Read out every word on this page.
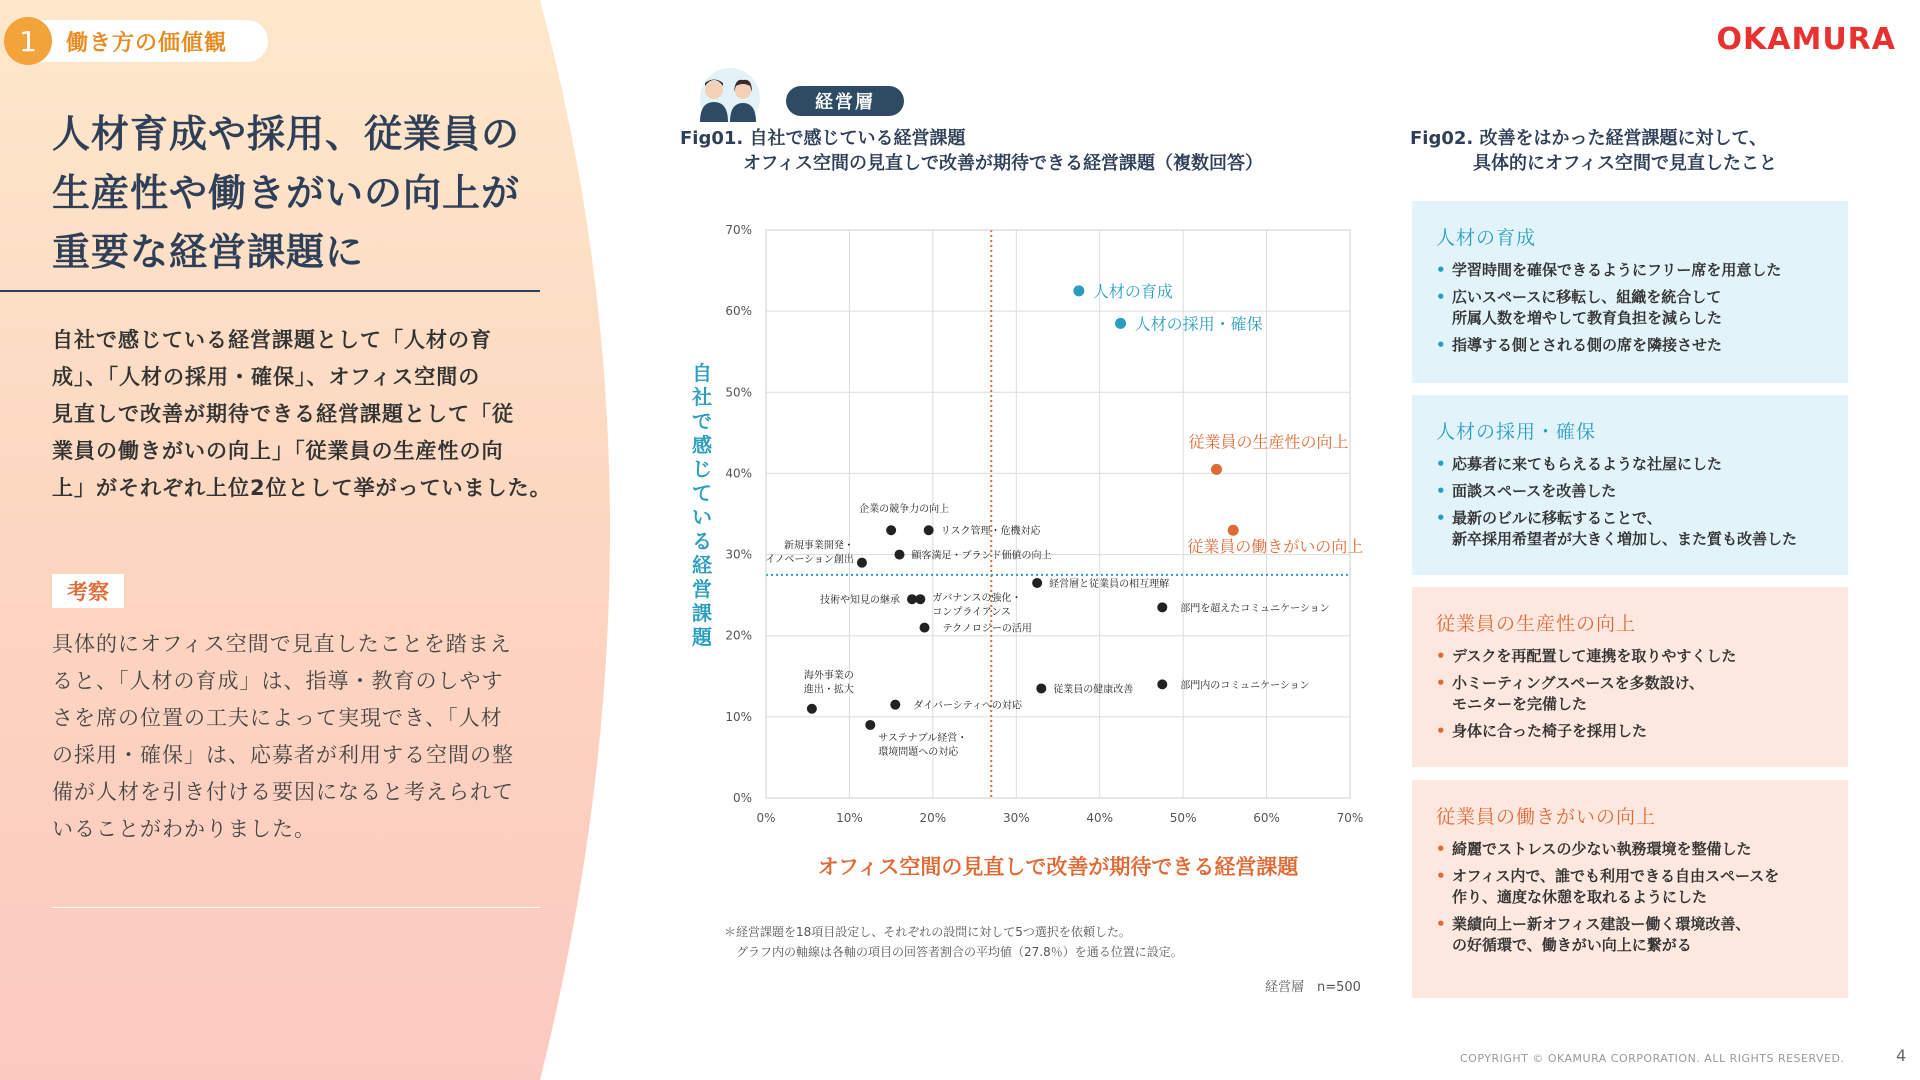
1	働き方の価値観
人材育成や採用、従業員の
生産性や働きがいの向上が
重要な経営課題に
自社で感じている経営課題として「人材の育
成」、「人材の採用・確保」、オフィス空間の
見直しで改善が期待できる経営課題として「従
業員の働きがいの向上」「従業員の生産性の向
上」がそれぞれ上位2位として挙がっていました。
考察
具体的にオフィス空間で見直したことを踏まえ
ると、「人材の育成」は、指導・教育のしやす
さを席の位置の工夫によって実現でき、「人材
の採用・確保」は、応募者が利用する空間の整
備が人材を引き付ける要因になると考えられて
いることがわかりました。
OKAMURA
経営層
Fig01. 自社で感じている経営課題
オフィス空間の見直しで改善が期待できる経営課題（複数回答）
0%	10%	20%	30%	40%	50%	60%	70%
0%
10%
20%
30%
40%
50%
60%
70%
オフィス空間の見直しで改善が期待できる経営課題
自社で感じている経営課題
人材の育成
人材の採用・確保
従業員の生産性の向上
従業員の働きがいの向上
企業の競争力の向上
リスク管理・危機対応
新規事業開発・イノベーション創出	顧客満足・ブランド価値の向上
経営層と従業員の相互理解
技術や知見の継承	ガバナンスの強化・コンプライアンス	部門を超えたコミュニケーション
テクノロジーの活用
海外事業の進出・拡大
ダイバーシティへの対応
従業員の健康改善	部門内のコミュニケーション
サステナブル経営・環境問題への対応
＊経営課題を18項目設定し、それぞれの設問に対して5つ選択を依頼した。
グラフ内の軸線は各軸の項目の回答者割合の平均値（27.8％）を通る位置に設定。
経営層　n=500
Fig02. 改善をはかった経営課題に対して、
具体的にオフィス空間で見直したこと
人材の育成
• 学習時間を確保できるようにフリー席を用意した
• 広いスペースに移転し、組織を統合して
所属人数を増やして教育負担を減らした
• 指導する側とされる側の席を隣接させた
人材の採用・確保
• 応募者に来てもらえるような社屋にした
• 面談スペースを改善した
• 最新のビルに移転することで、
新卒採用希望者が大きく増加し、また質も改善した
従業員の生産性の向上
• デスクを再配置して連携を取りやすくした
• 小ミーティングスペースを多数設け、
モニターを完備した
• 身体に合った椅子を採用した
従業員の働きがいの向上
• 綺麗でストレスの少ない執務環境を整備した
• オフィス内で、誰でも利用できる自由スペースを
作り、適度な休憩を取れるようにした
• 業績向上ー新オフィス建設ー働く環境改善、
の好循環で、働きがい向上に繋がる
COPYRIGHT © OKAMURA CORPORATION. ALL RIGHTS RESERVED.	4
